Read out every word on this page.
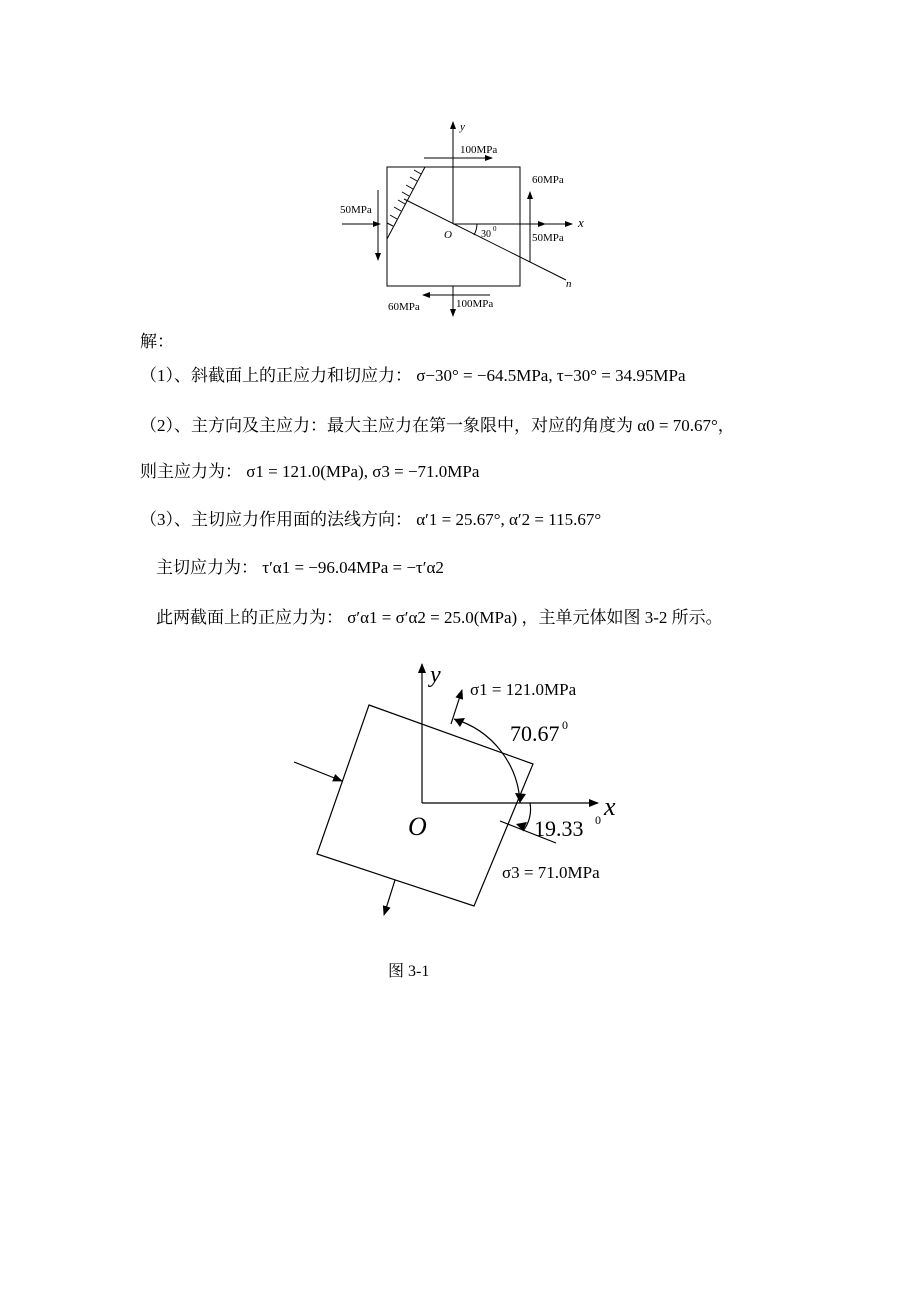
y
x
O
n
30 0
100MPa
60MPa
50MPa
50MPa
60MPa	100MPa
解：
（1）、斜截面上的正应力和切应力： σ−30° = −64.5MPa, τ−30° = 34.95MPa
（2）、主方向及主应力：最大主应力在第一象限中，对应的角度为 α0 = 70.67°，
则主应力为： σ1 = 121.0(MPa), σ3 = −71.0MPa
（3）、主切应力作用面的法线方向： α′1 = 25.67°, α′2 = 115.67°
主切应力为： τ′α1 = −96.04MPa = −τ′α2
此两截面上的正应力为： σ′α1 = σ′α2 = 25.0(MPa) ，主单元体如图 3-2 所示。
y
x
O
σ1 = 121.0MPa
70.67 0
19.33 0
σ3 = 71.0MPa
图 3-1
